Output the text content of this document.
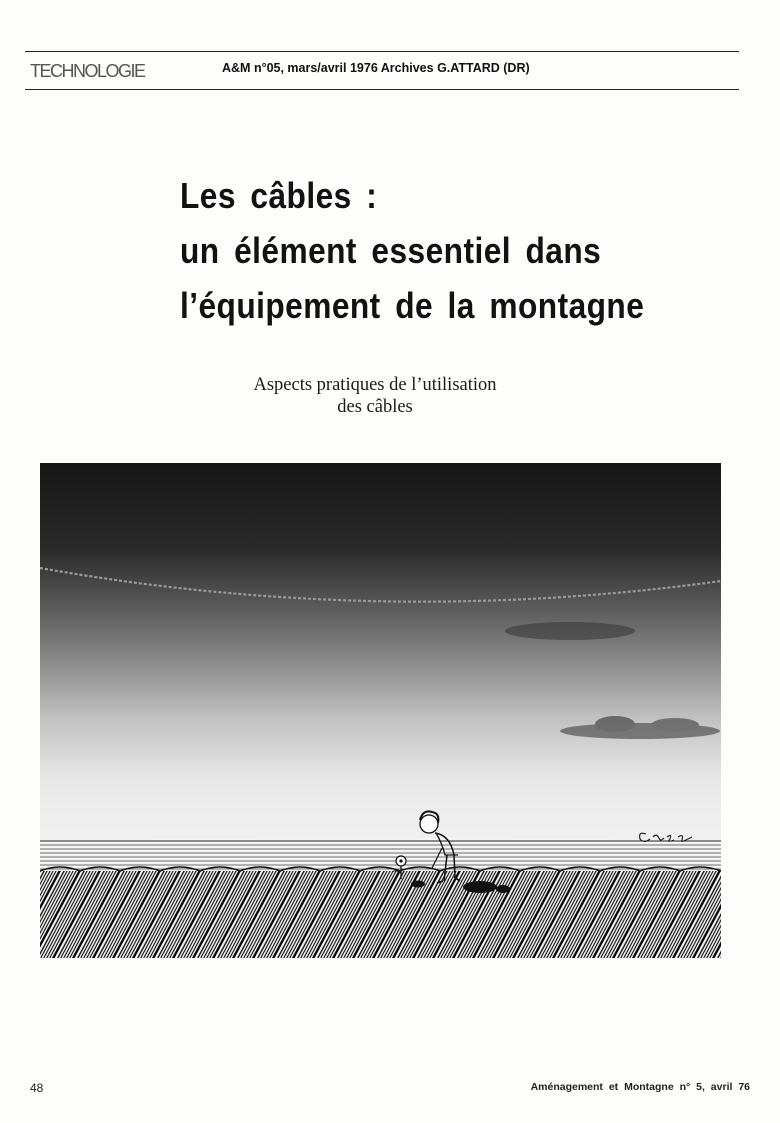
TECHNOLOGIE	A&M n°05, mars/avril 1976 Archives G.ATTARD (DR)
Les câbles :
un élément essentiel dans
l’équipement de la montagne
Aspects pratiques de l’utilisation
des câbles
48	Aménagement et Montagne n° 5, avril 76
